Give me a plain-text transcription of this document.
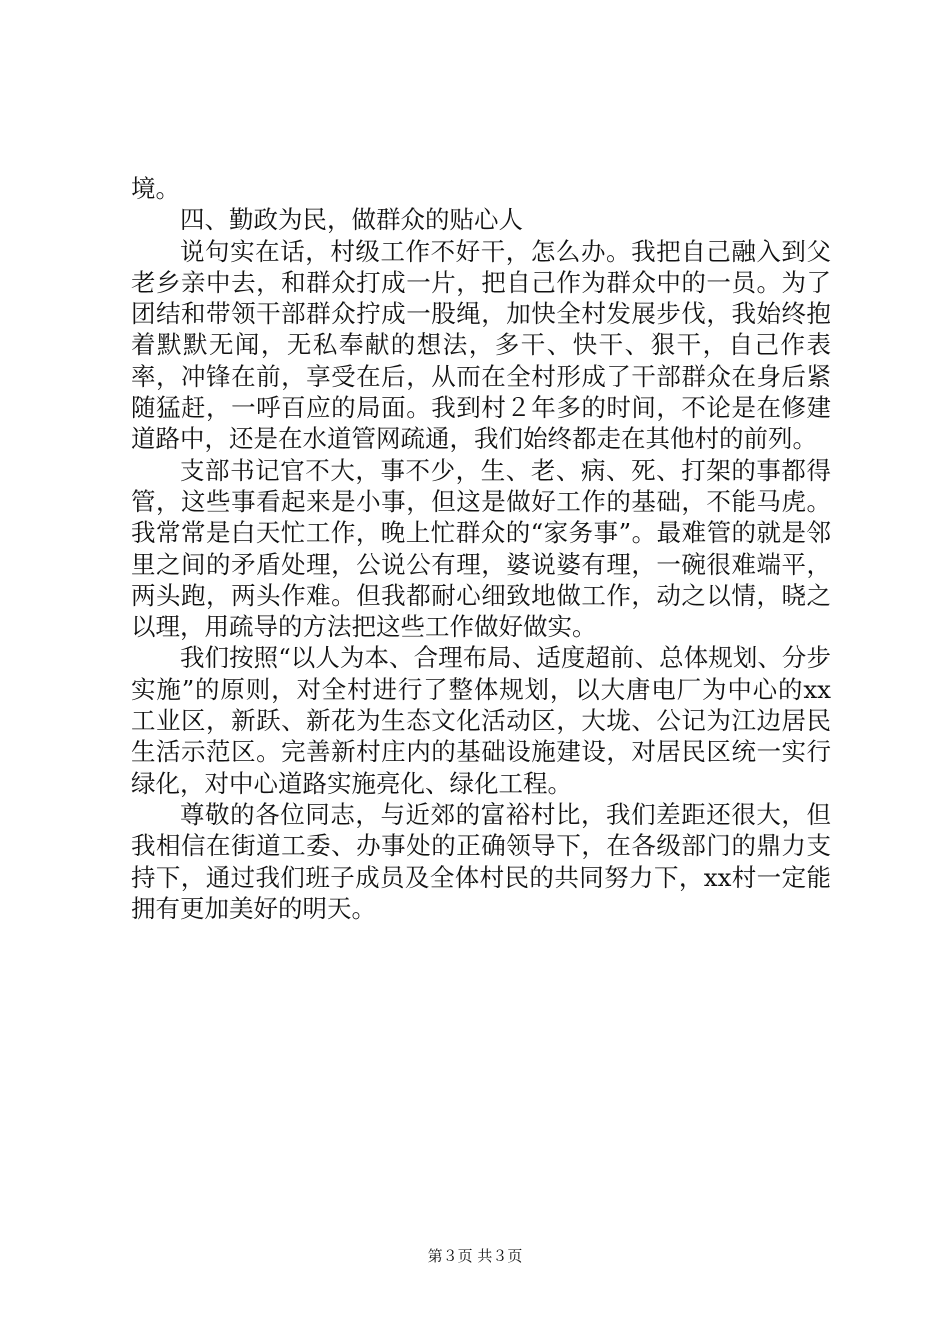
境。

四、勤政为民，做群众的贴心人

说句实在话，村级工作不好干，怎么办。我把自己融入到父老乡亲中去，和群众打成一片，把自己作为群众中的一员。为了团结和带领干部群众拧成一股绳，加快全村发展步伐，我始终抱着默默无闻，无私奉献的想法，多干、快干、狠干，自己作表率，冲锋在前，享受在后，从而在全村形成了干部群众在身后紧随猛赶，一呼百应的局面。我到村２年多的时间，不论是在修建道路中，还是在水道管网疏通，我们始终都走在其他村的前列。

支部书记官不大，事不少，生、老、病、死、打架的事都得管，这些事看起来是小事，但这是做好工作的基础，不能马虎。我常常是白天忙工作，晚上忙群众的“家务事”。最难管的就是邻里之间的矛盾处理，公说公有理，婆说婆有理，一碗很难端平，两头跑，两头作难。但我都耐心细致地做工作，动之以情，晓之以理，用疏导的方法把这些工作做好做实。

我们按照“以人为本、合理布局、适度超前、总体规划、分步实施”的原则，对全村进行了整体规划，以大唐电厂为中心的xx工业区，新跃、新花为生态文化活动区，大垅、公记为江边居民生活示范区。完善新村庄内的基础设施建设，对居民区统一实行绿化，对中心道路实施亮化、绿化工程。

尊敬的各位同志，与近郊的富裕村比，我们差距还很大，但我相信在街道工委、办事处的正确领导下，在各级部门的鼎力支持下，通过我们班子成员及全体村民的共同努力下，xx村一定能拥有更加美好的明天。

第３页 共３页
